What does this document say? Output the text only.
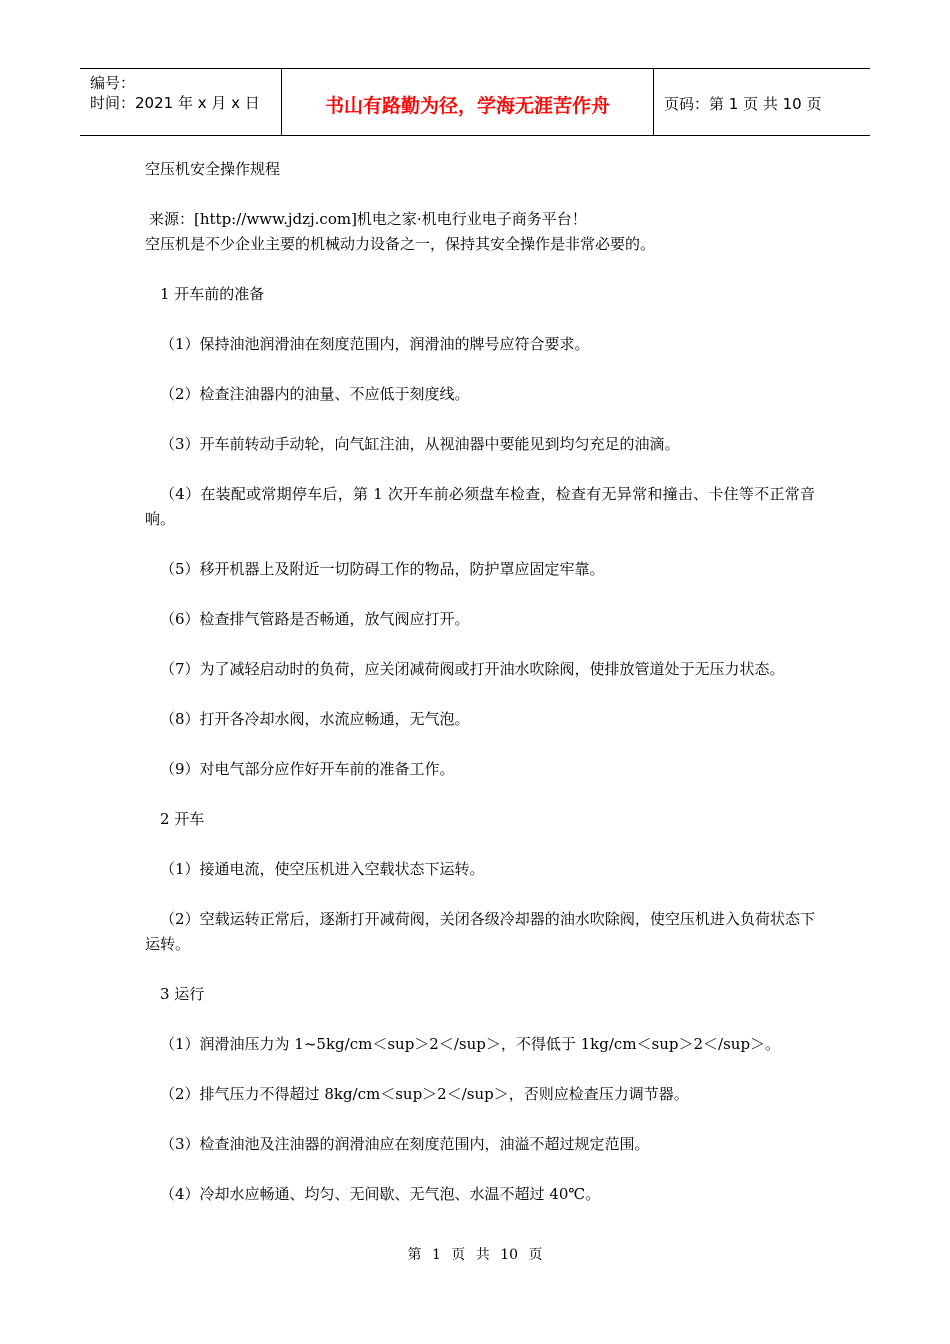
编号：
时间：2021 年 x 月 x 日	书山有路勤为径，学海无涯苦作舟	页码：第 1 页 共 10 页
空压机安全操作规程
来源：[http://www.jdzj.com]机电之家·机电行业电子商务平台！
空压机是不少企业主要的机械动力设备之一，保持其安全操作是非常必要的。
1 开车前的准备
（1）保持油池润滑油在刻度范围内，润滑油的牌号应符合要求。
（2）检查注油器内的油量、不应低于刻度线。
（3）开车前转动手动轮，向气缸注油，从视油器中要能见到均匀充足的油滴。
（4）在装配或常期停车后，第 1 次开车前必须盘车检查，检查有无异常和撞击、卡住等不正常音响。
（5）移开机器上及附近一切防碍工作的物品，防护罩应固定牢靠。
（6）检查排气管路是否畅通，放气阀应打开。
（7）为了减轻启动时的负荷，应关闭减荷阀或打开油水吹除阀，使排放管道处于无压力状态。
（8）打开各冷却水阀，水流应畅通，无气泡。
（9）对电气部分应作好开车前的准备工作。
2 开车
（1）接通电流，使空压机进入空载状态下运转。
（2）空载运转正常后，逐渐打开减荷阀，关闭各级冷却器的油水吹除阀，使空压机进入负荷状态下运转。
3 运行
（1）润滑油压力为 1~5kg/cm＜sup＞2＜/sup＞，不得低于 1kg/cm＜sup＞2＜/sup＞。
（2）排气压力不得超过 8kg/cm＜sup＞2＜/sup＞，否则应检查压力调节器。
（3）检查油池及注油器的润滑油应在刻度范围内，油溢不超过规定范围。
（4）冷却水应畅通、均匀、无间歇、无气泡、水温不超过 40℃。
第 1 页 共 10 页
